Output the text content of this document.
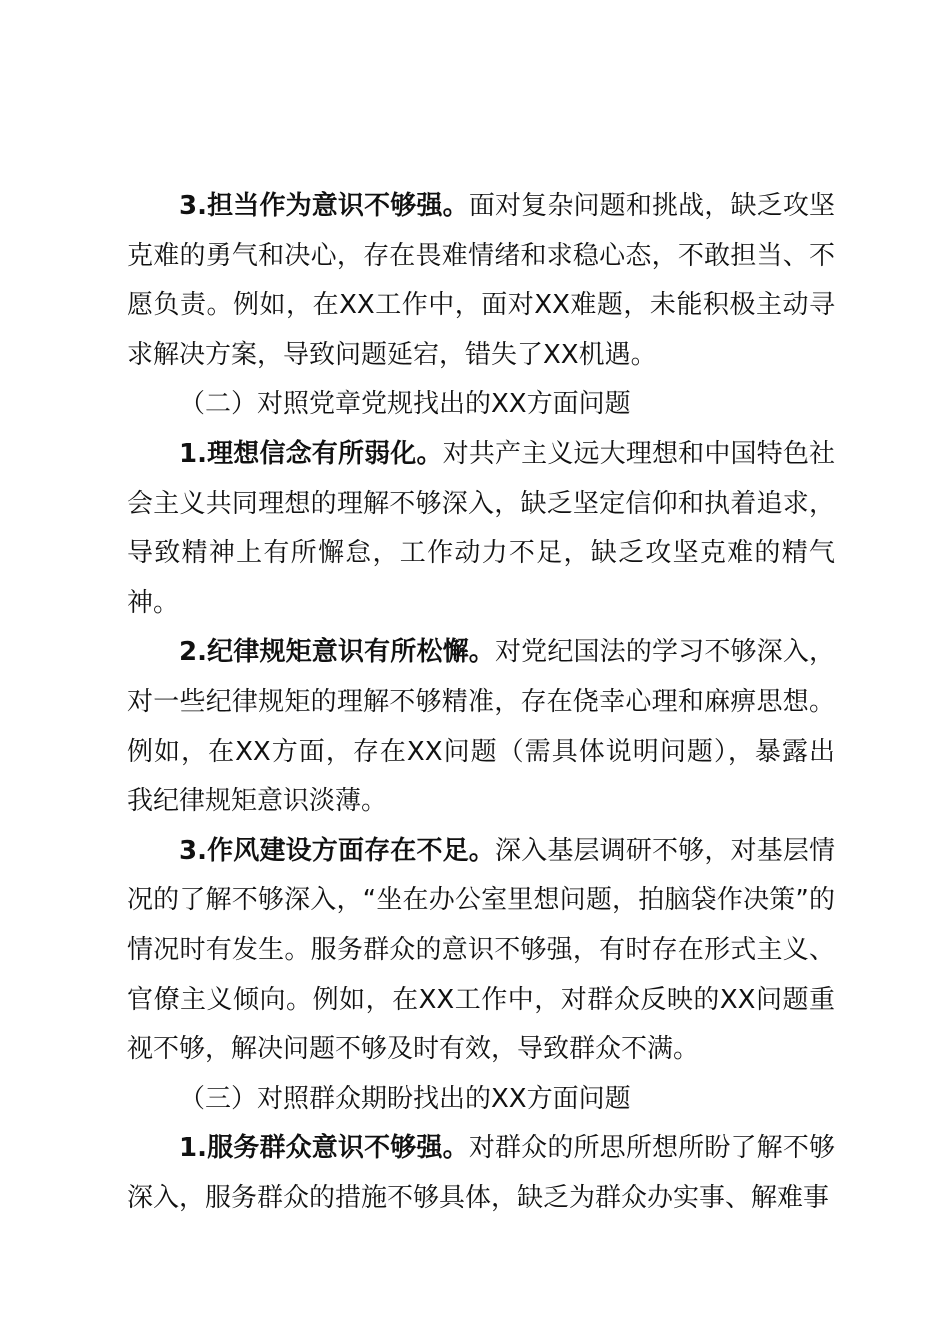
3.担当作为意识不够强。面对复杂问题和挑战，缺乏攻坚克难的勇气和决心，存在畏难情绪和求稳心态，不敢担当、不愿负责。例如，在XX工作中，面对XX难题，未能积极主动寻求解决方案，导致问题延宕，错失了XX机遇。

（二）对照党章党规找出的XX方面问题

1.理想信念有所弱化。对共产主义远大理想和中国特色社会主义共同理想的理解不够深入，缺乏坚定信仰和执着追求，导致精神上有所懈怠，工作动力不足，缺乏攻坚克难的精气神。

2.纪律规矩意识有所松懈。对党纪国法的学习不够深入，对一些纪律规矩的理解不够精准，存在侥幸心理和麻痹思想。例如，在XX方面，存在XX问题（需具体说明问题），暴露出我纪律规矩意识淡薄。

3.作风建设方面存在不足。深入基层调研不够，对基层情况的了解不够深入，“坐在办公室里想问题，拍脑袋作决策”的情况时有发生。服务群众的意识不够强，有时存在形式主义、官僚主义倾向。例如，在XX工作中，对群众反映的XX问题重视不够，解决问题不够及时有效，导致群众不满。

（三）对照群众期盼找出的XX方面问题

1.服务群众意识不够强。对群众的所思所想所盼了解不够深入，服务群众的措施不够具体，缺乏为群众办实事、解难事
